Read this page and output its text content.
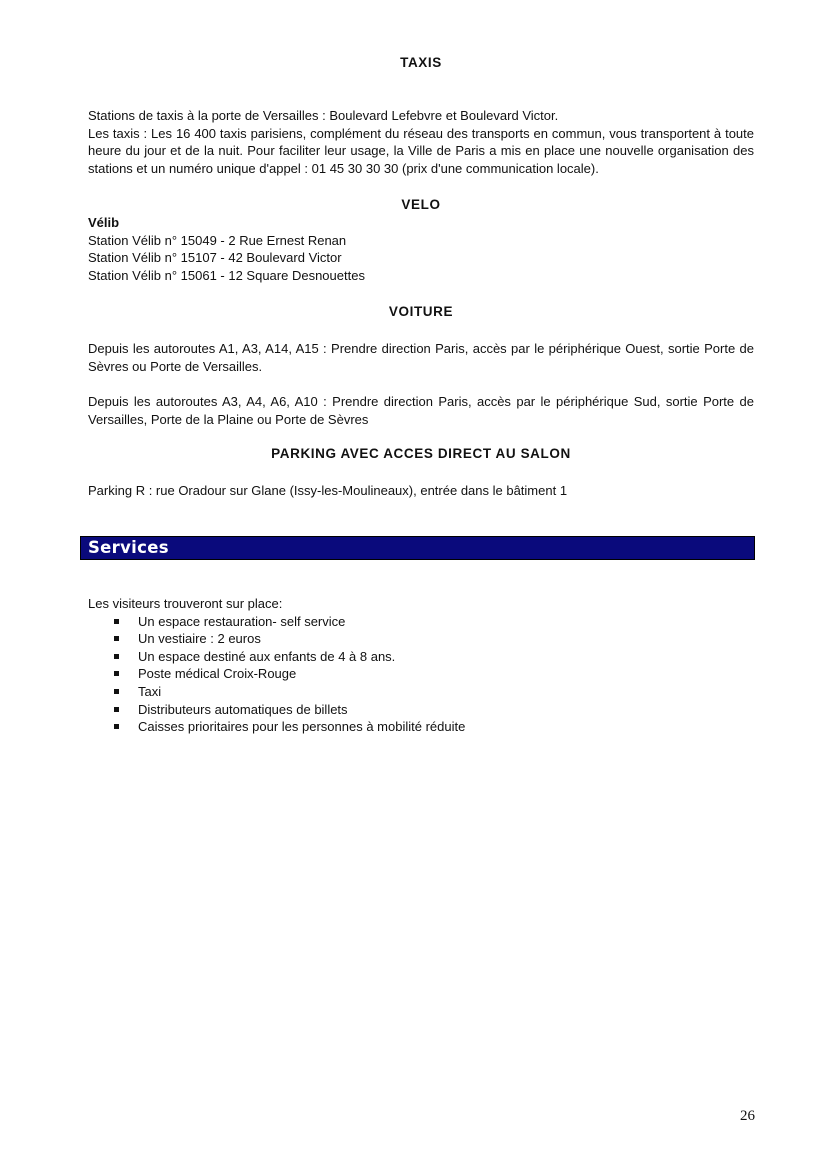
TAXIS

Stations de taxis à la porte de Versailles : Boulevard Lefebvre et Boulevard Victor.

Les taxis : Les 16 400 taxis parisiens, complément du réseau des transports en commun, vous transportent à toute heure du jour et de la nuit. Pour faciliter leur usage, la Ville de Paris a mis en place une nouvelle organisation des stations et un numéro unique d'appel : 01 45 30 30 30 (prix d'une communication locale).

VELO

Vélib

Station Vélib n° 15049 - 2 Rue Ernest Renan

Station Vélib n° 15107 - 42 Boulevard Victor

Station Vélib n° 15061 - 12 Square Desnouettes

VOITURE

Depuis les autoroutes A1, A3, A14, A15 : Prendre direction Paris, accès par le périphérique Ouest, sortie Porte de Sèvres ou Porte de Versailles.

Depuis les autoroutes A3, A4, A6, A10 : Prendre direction Paris, accès par le périphérique Sud, sortie Porte de Versailles, Porte de la Plaine ou Porte de Sèvres

PARKING AVEC ACCES DIRECT AU SALON

Parking R : rue Oradour sur Glane (Issy-les-Moulineaux), entrée dans le bâtiment 1

Services

Les visiteurs trouveront sur place:

Un espace restauration- self service
Un vestiaire : 2 euros
Un espace destiné aux enfants de 4 à 8 ans.
Poste médical Croix-Rouge
Taxi
Distributeurs automatiques de billets
Caisses prioritaires pour les personnes à mobilité réduite
26
